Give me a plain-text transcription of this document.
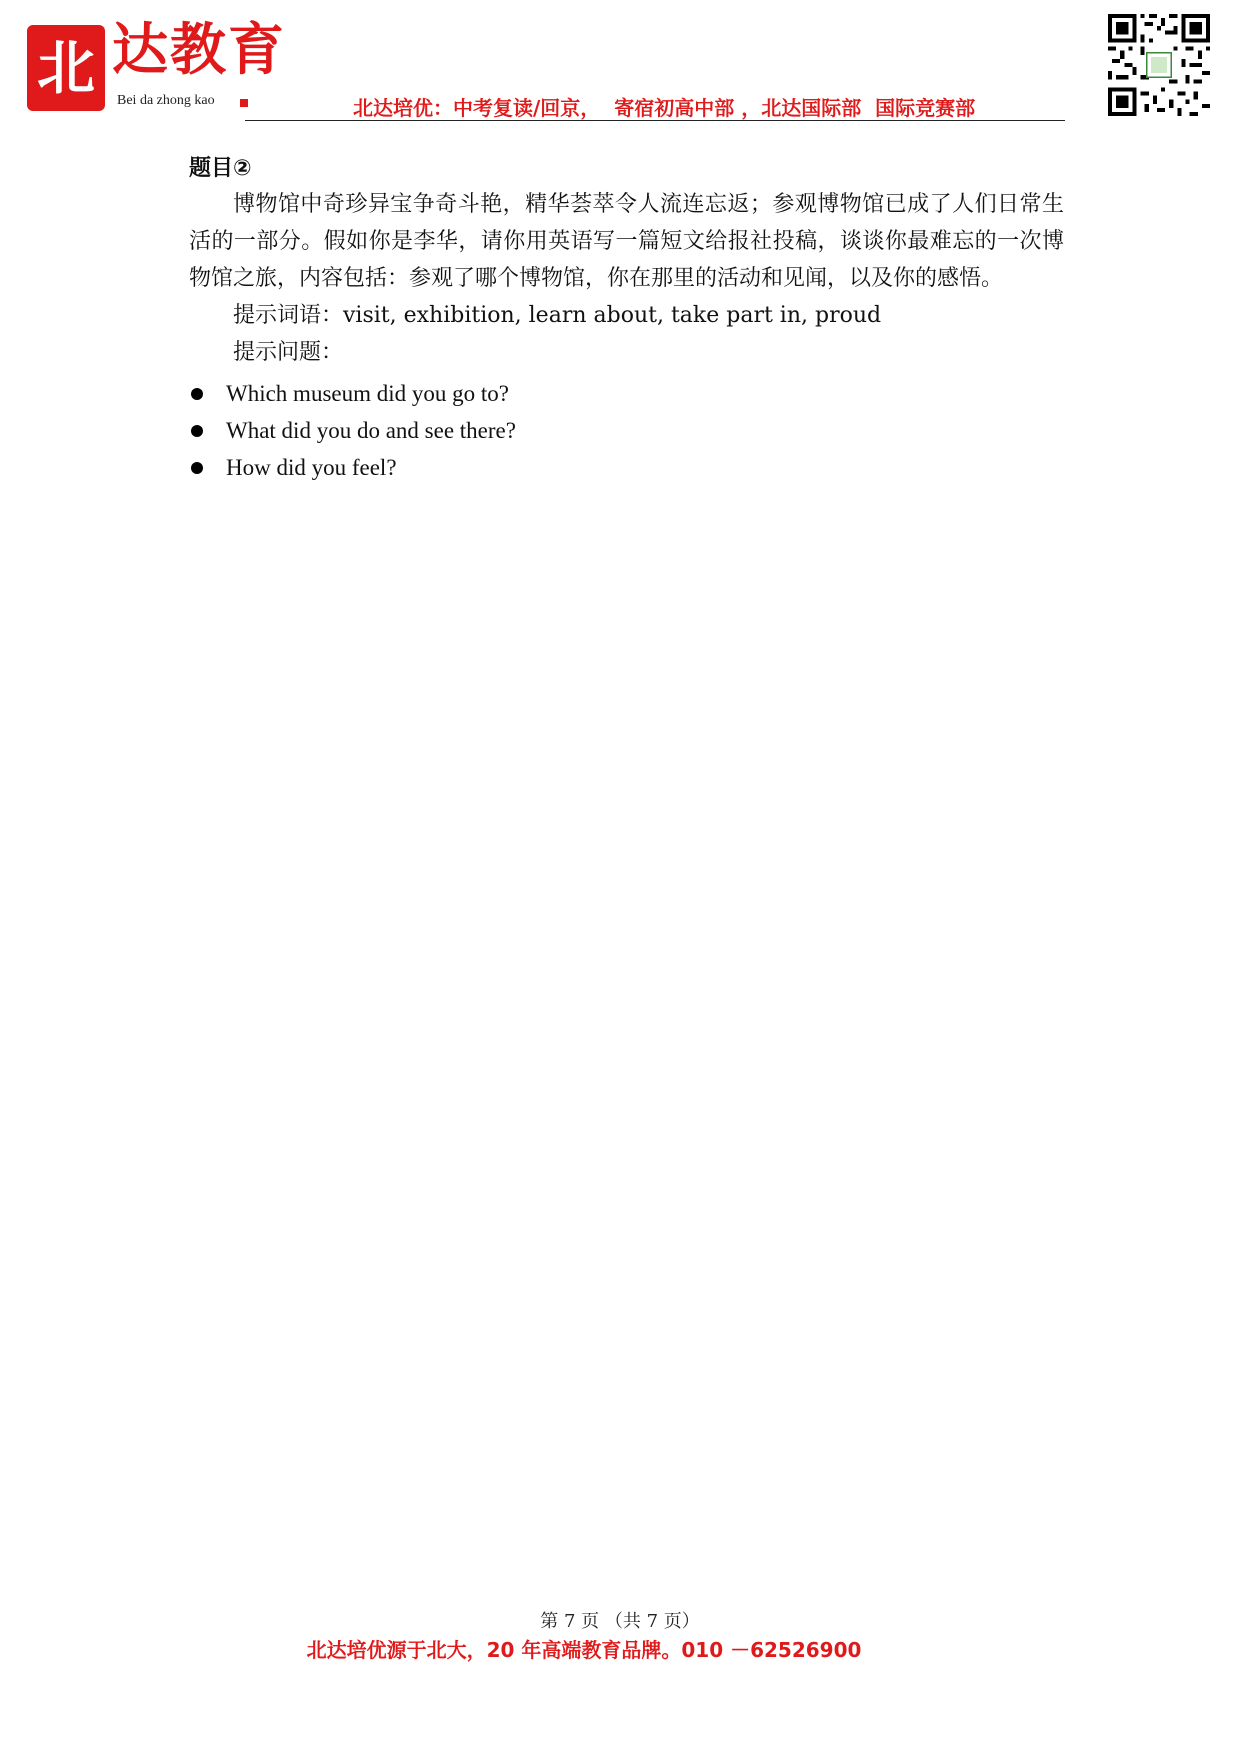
北 达教育
Bei da zhong kao	北达培优：中考复读/回京，  寄宿初高中部 ，北达国际部  国际竞赛部

题目②

博物馆中奇珍异宝争奇斗艳，精华荟萃令人流连忘返；参观博物馆已成了人们日常生活的一部分。假如你是李华，请你用英语写一篇短文给报社投稿，谈谈你最难忘的一次博物馆之旅，内容包括：参观了哪个博物馆，你在那里的活动和见闻，以及你的感悟。

提示词语：visit, exhibition, learn about, take part in, proud

提示问题：

Which museum did you go to?
What did you do and see there?
How did you feel?
第 7 页 （共 7 页）
北达培优源于北大，20 年高端教育品牌。010 －62526900
